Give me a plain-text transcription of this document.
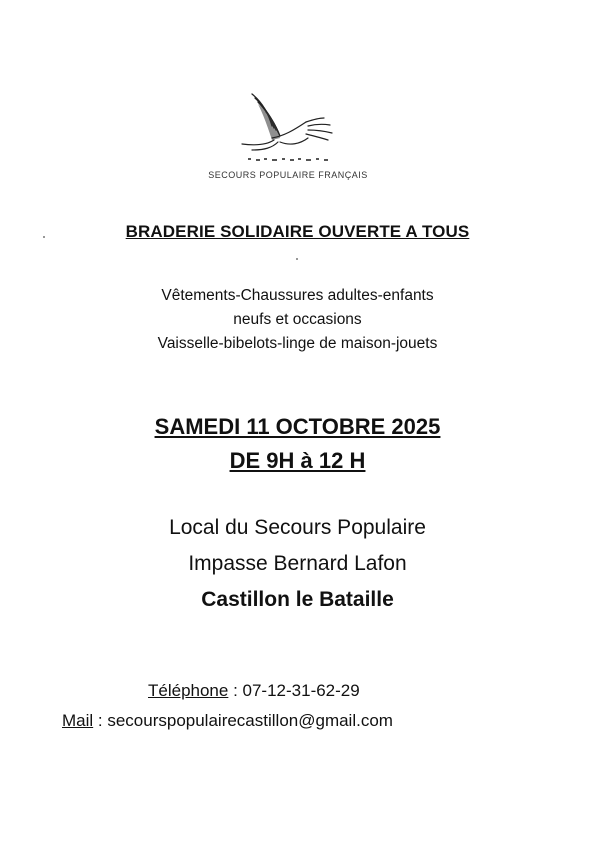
SECOURS POPULAIRE FRANÇAIS
BRADERIE SOLIDAIRE OUVERTE A TOUS
Vêtements-Chaussures adultes-enfants
neufs et occasions
Vaisselle-bibelots-linge de maison-jouets
SAMEDI 11 OCTOBRE 2025
DE 9H à 12 H
Local du Secours Populaire
Impasse Bernard Lafon
Castillon le Bataille
Téléphone : 07-12-31-62-29
Mail : secourspopulairecastillon@gmail.com
